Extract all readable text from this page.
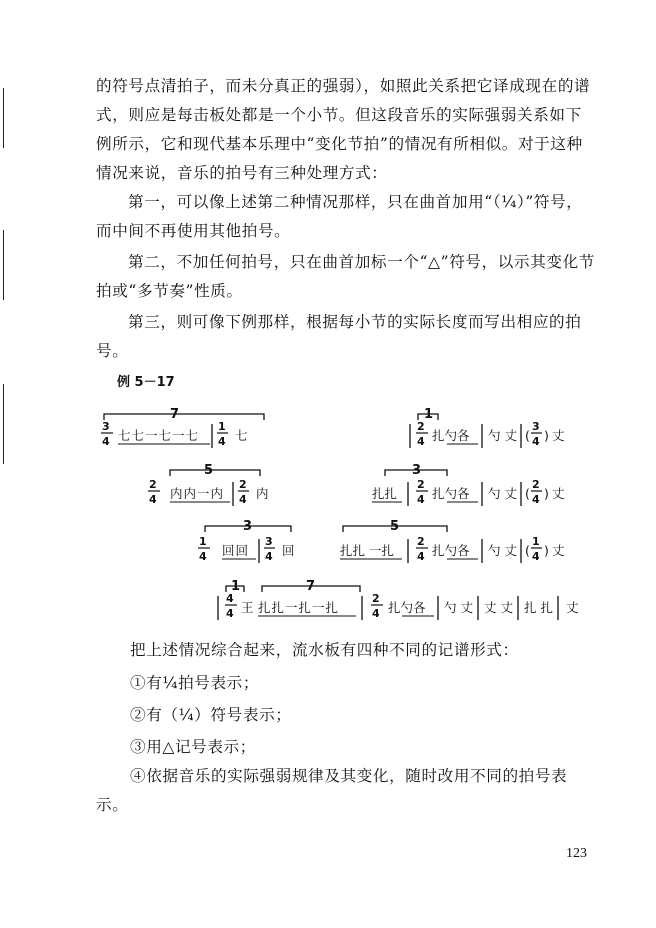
的符号点清拍子，而未分真正的强弱），如照此关系把它译成现在的谱式，则应是每击板处都是一个小节。但这段音乐的实际强弱关系如下例所示，它和现代基本乐理中“变化节拍”的情况有所相似。对于这种情况来说，音乐的拍号有三种处理方式：

第一，可以像上述第二种情况那样，只在曲首加用“（¼）”符号，而中间不再使用其他拍号。

第二，不加任何拍号，只在曲首加标一个“△”符号，以示其变化节拍或“多节奏”性质。

第三，则可像下例那样，根据每小节的实际长度而写出相应的拍号。

例 5－17
7
3
4 七七一七一七
1
4 七
5
2
4 内内一内
2
4 内
3
1
4 回回
3
4 回
1
2
4 扎勺各 勺 丈 (
3
4 ) 丈
3
扎扎
2
4 扎勺各 勺 丈 (
2
4 ) 丈
5
扎扎 一扎
2
4 扎勺各 勺 丈 (
1
4 ) 丈
1	7
4
4 王 扎扎一扎一扎
2
4 扎勺各 勺 丈 丈 丈 扎 扎 丈

把上述情况综合起来，流水板有四种不同的记谱形式：

①有¼拍号表示；
②有（¼）符号表示；
③用△记号表示；

④依据音乐的实际强弱规律及其变化，随时改用不同的拍号表示。

123
